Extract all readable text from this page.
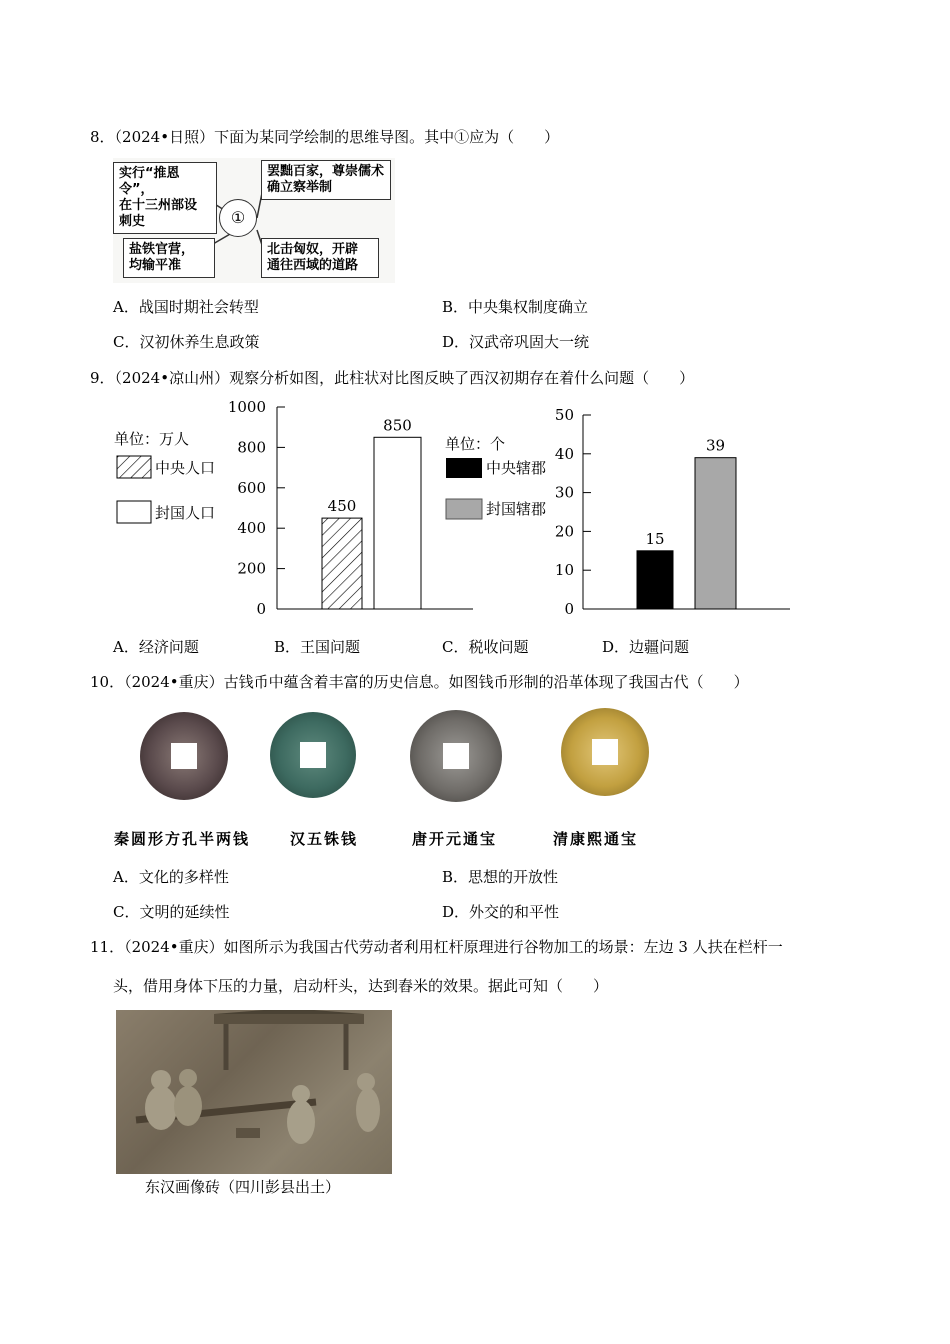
8．（2024•日照）下面为某同学绘制的思维导图。其中①应为（　　）
实行“推恩令”，
在十三州部设
刺史
罢黜百家，尊崇儒术
确立察举制
盐铁官营，
均输平准
北击匈奴，开辟
通往西域的道路
①
A．战国时期社会转型	B．中央集权制度确立
C．汉初休养生息政策	D．汉武帝巩固大一统
9．（2024•凉山州）观察分析如图，此柱状对比图反映了西汉初期存在着什么问题（　　）
单位：万人
中央人口
封国人口
单位：个
中央辖郡
封国辖郡
1000
800
600
400
200
0
450
850
50
40
30
20
10
0
15
39
A．经济问题	B．王国问题	C．税收问题	D．边疆问题
10．（2024•重庆）古钱币中蕴含着丰富的历史信息。如图钱币形制的沿革体现了我国古代（　　）
秦圆形方孔半两钱	汉五铢钱	唐开元通宝	清康熙通宝
A．文化的多样性	B．思想的开放性
C．文明的延续性	D．外交的和平性
11．（2024•重庆）如图所示为我国古代劳动者利用杠杆原理进行谷物加工的场景：左边 3 人扶在栏杆一
头，借用身体下压的力量，启动杆头，达到舂米的效果。据此可知（　　）
东汉画像砖（四川彭县出土）
